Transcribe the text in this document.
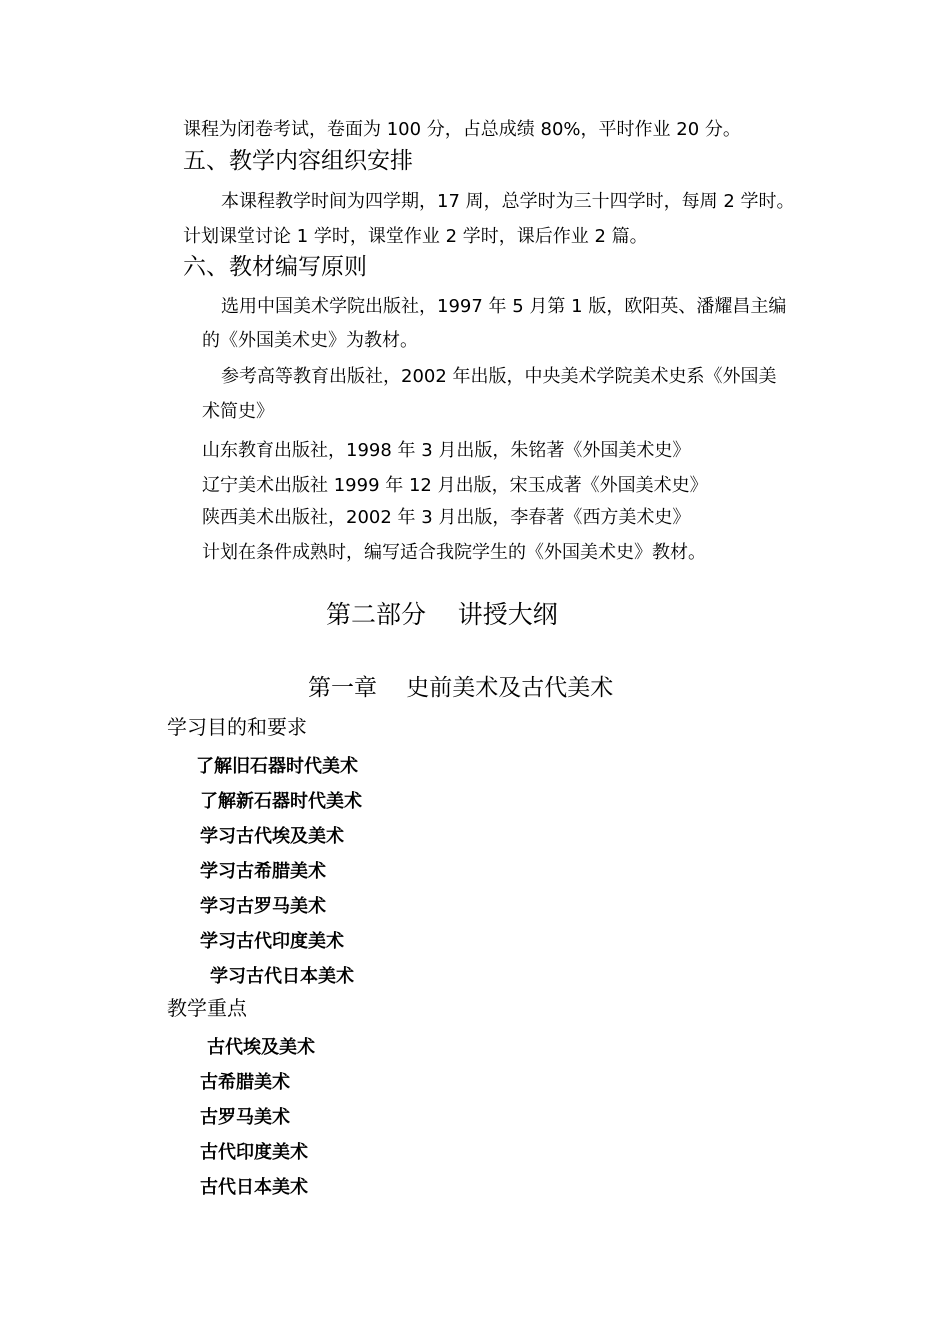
课程为闭卷考试，卷面为 100 分，占总成绩 80%，平时作业 20 分。
五、教学内容组织安排
本课程教学时间为四学期，17 周，总学时为三十四学时，每周 2 学时。
计划课堂讨论 1 学时，课堂作业 2 学时，课后作业 2 篇。
六、教材编写原则
选用中国美术学院出版社，1997 年 5 月第 1 版，欧阳英、潘耀昌主编
的《外国美术史》为教材。
参考高等教育出版社，2002 年出版，中央美术学院美术史系《外国美
术简史》
山东教育出版社，1998 年 3 月出版，朱铭著《外国美术史》
辽宁美术出版社 1999 年 12 月出版，宋玉成著《外国美术史》
陕西美术出版社，2002 年 3 月出版，李春著《西方美术史》
计划在条件成熟时，编写适合我院学生的《外国美术史》教材。
第二部分    讲授大纲
第一章    史前美术及古代美术
学习目的和要求
了解旧石器时代美术
了解新石器时代美术
学习古代埃及美术
学习古希腊美术
学习古罗马美术
学习古代印度美术
学习古代日本美术
教学重点
古代埃及美术
古希腊美术
古罗马美术
古代印度美术
古代日本美术
